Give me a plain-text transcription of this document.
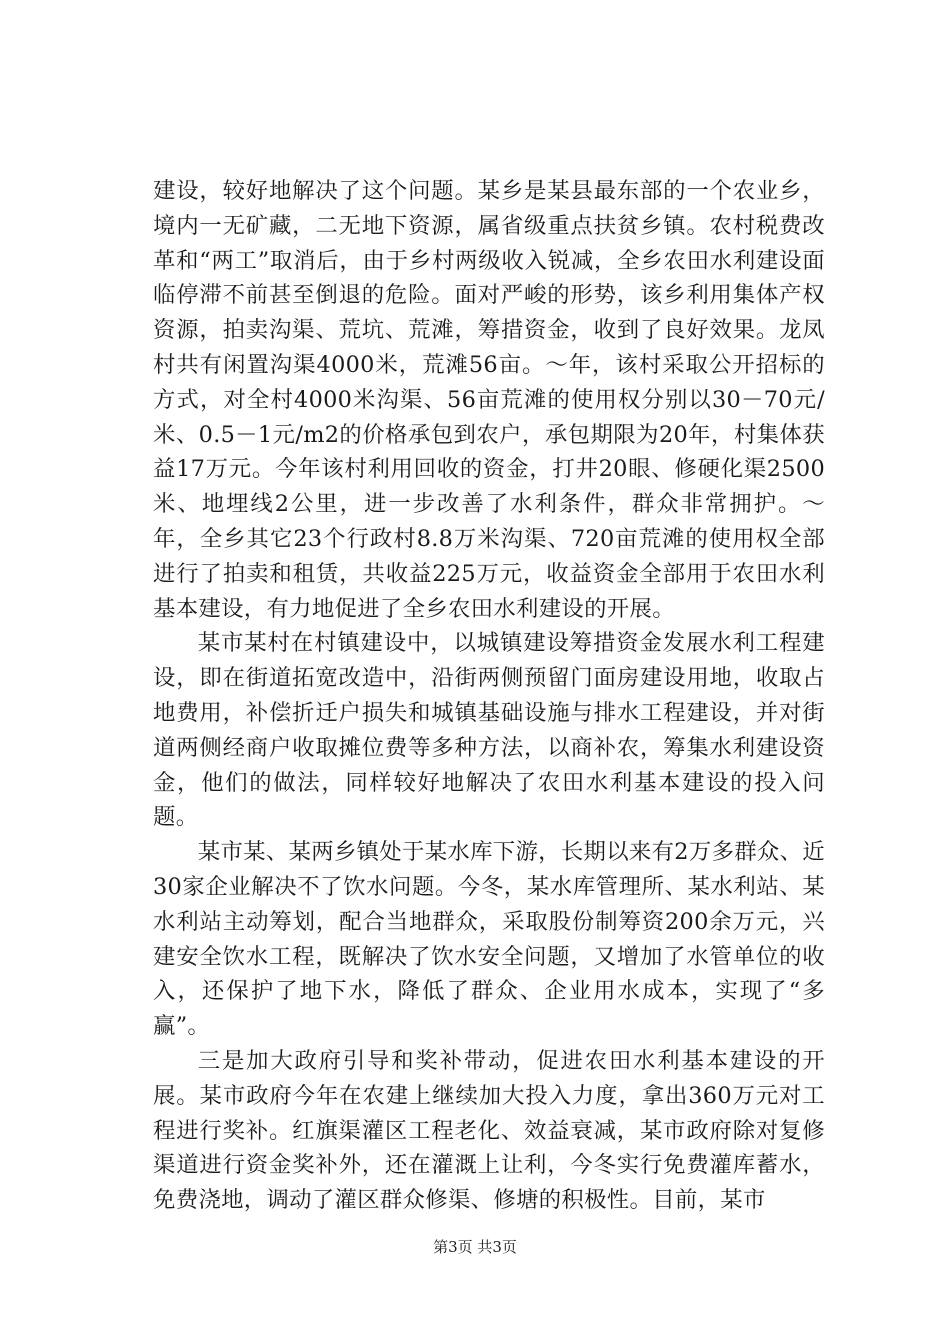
建设，较好地解决了这个问题。某乡是某县最东部的一个农业乡，境内一无矿藏，二无地下资源，属省级重点扶贫乡镇。农村税费改革和“两工”取消后，由于乡村两级收入锐减，全乡农田水利建设面临停滞不前甚至倒退的危险。面对严峻的形势，该乡利用集体产权资源，拍卖沟渠、荒坑、荒滩，筹措资金，收到了良好效果。龙凤村共有闲置沟渠4000米，荒滩56亩。～年，该村采取公开招标的方式，对全村4000米沟渠、56亩荒滩的使用权分别以30－70元/米、0.5－1元/m2的价格承包到农户，承包期限为20年，村集体获益17万元。今年该村利用回收的资金，打井20眼、修硬化渠2500米、地埋线2公里，进一步改善了水利条件，群众非常拥护。～年，全乡其它23个行政村8.8万米沟渠、720亩荒滩的使用权全部进行了拍卖和租赁，共收益225万元，收益资金全部用于农田水利基本建设，有力地促进了全乡农田水利建设的开展。

某市某村在村镇建设中，以城镇建设筹措资金发展水利工程建设，即在街道拓宽改造中，沿街两侧预留门面房建设用地，收取占地费用，补偿折迁户损失和城镇基础设施与排水工程建设，并对街道两侧经商户收取摊位费等多种方法，以商补农，筹集水利建设资金，他们的做法，同样较好地解决了农田水利基本建设的投入问题。

某市某、某两乡镇处于某水库下游，长期以来有2万多群众、近30家企业解决不了饮水问题。今冬，某水库管理所、某水利站、某水利站主动筹划，配合当地群众，采取股份制筹资200余万元，兴建安全饮水工程，既解决了饮水安全问题，又增加了水管单位的收入，还保护了地下水，降低了群众、企业用水成本，实现了“多赢”。

三是加大政府引导和奖补带动，促进农田水利基本建设的开展。某市政府今年在农建上继续加大投入力度，拿出360万元对工程进行奖补。红旗渠灌区工程老化、效益衰减，某市政府除对复修渠道进行资金奖补外，还在灌溉上让利，今冬实行免费灌库蓄水，免费浇地，调动了灌区群众修渠、修塘的积极性。目前，某市

第3页 共3页
